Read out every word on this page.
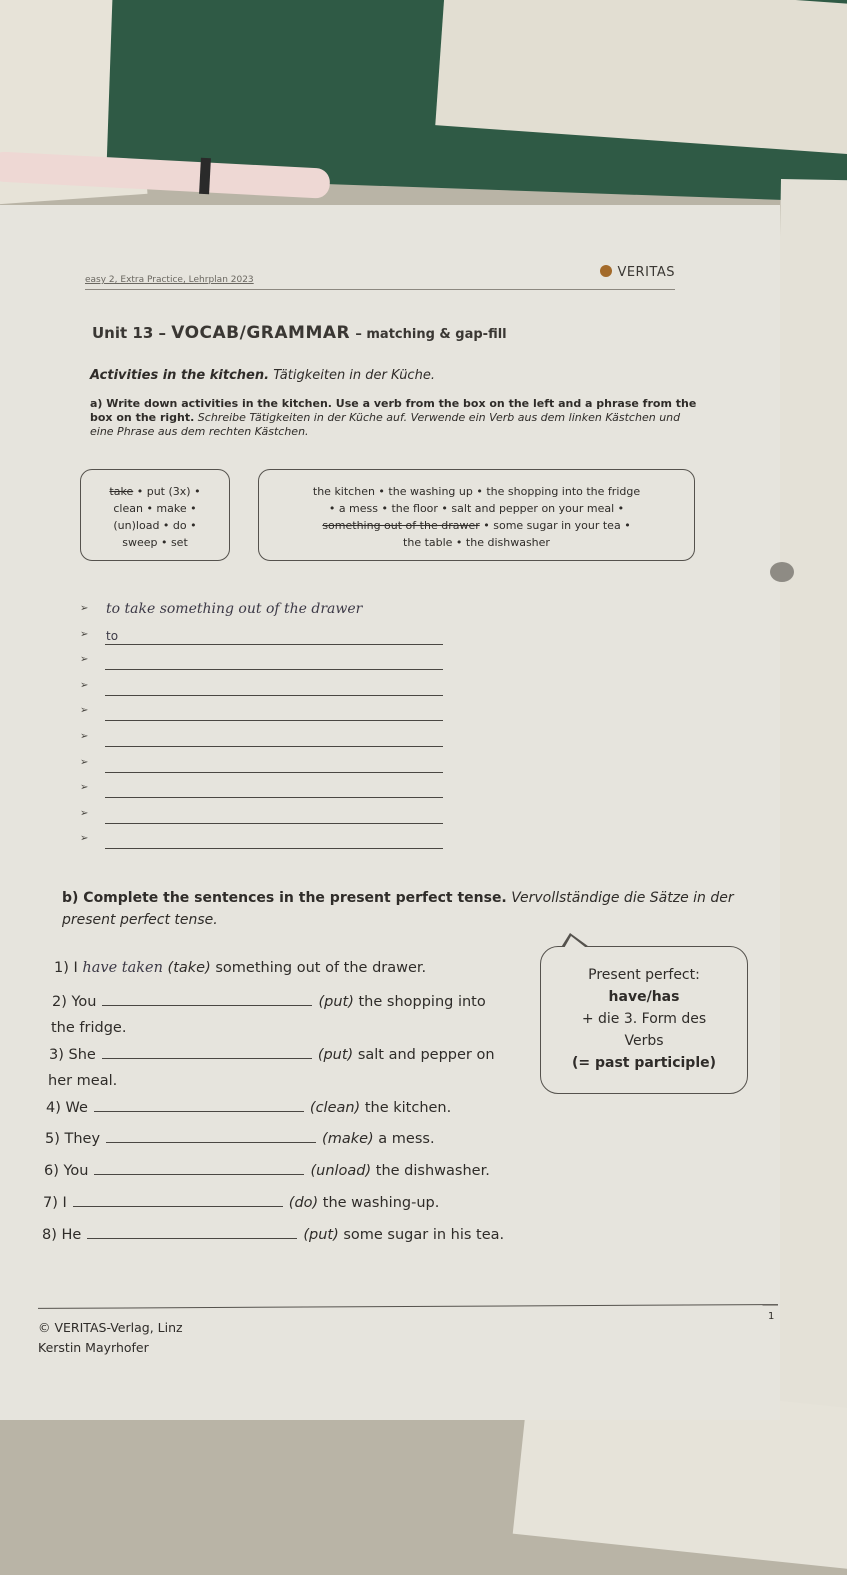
easy 2, Extra Practice, Lehrplan 2023	VERITAS
Unit 13 – VOCAB/GRAMMAR – matching & gap-fill
Activities in the kitchen. Tätigkeiten in der Küche.
a) Write down activities in the kitchen. Use a verb from the box on the left and a phrase from the box on the right. Schreibe Tätigkeiten in der Küche auf. Verwende ein Verb aus dem linken Kästchen und eine Phrase aus dem rechten Kästchen.
take • put (3x) •
clean • make •
(un)load • do •
sweep • set
the kitchen • the washing up • the shopping into the fridge
• a mess • the floor • salt and pepper on your meal •
something out of the drawer • some sugar in your tea •
the table • the dishwasher
➢ to take something out of the drawer
➢ to
➢
➢
➢
➢
➢
➢
➢
➢
b) Complete the sentences in the present perfect tense. Vervollständige die Sätze in der present perfect tense.
1) I have taken (take) something out of the drawer.
2) You	(put) the shopping into
the fridge.
3) She	(put) salt and pepper on
her meal.
4) We	(clean) the kitchen.
5) They	(make) a mess.
6) You	(unload) the dishwasher.
7) I	(do) the washing-up.
8) He	(put) some sugar in his tea.
Present perfect:
have/has
+ die 3. Form des
Verbs
(= past participle)
© VERITAS-Verlag, Linz
Kerstin Mayrhofer
1
